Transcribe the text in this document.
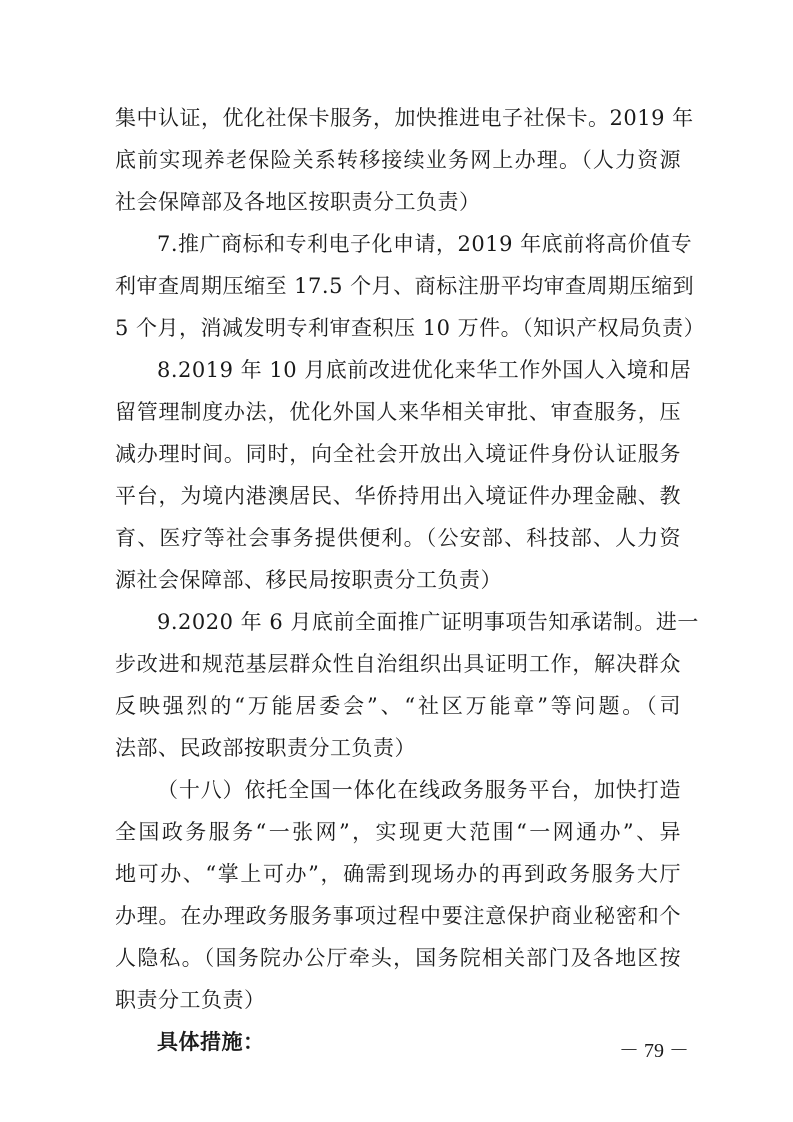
集中认证，优化社保卡服务，加快推进电子社保卡。2019 年
底前实现养老保险关系转移接续业务网上办理。（人力资源
社会保障部及各地区按职责分工负责）
7.推广商标和专利电子化申请，2019 年底前将高价值专
利审查周期压缩至 17.5 个月、商标注册平均审查周期压缩到
5 个月，消减发明专利审查积压 10 万件。（知识产权局负责）
8.2019 年 10 月底前改进优化来华工作外国人入境和居
留管理制度办法，优化外国人来华相关审批、审查服务，压
减办理时间。同时，向全社会开放出入境证件身份认证服务
平台，为境内港澳居民、华侨持用出入境证件办理金融、教
育、医疗等社会事务提供便利。（公安部、科技部、人力资
源社会保障部、移民局按职责分工负责）
9.2020 年 6 月底前全面推广证明事项告知承诺制。进一
步改进和规范基层群众性自治组织出具证明工作，解决群众
反映强烈的“万能居委会”、“社区万能章”等问题。（司
法部、民政部按职责分工负责）
（十八）依托全国一体化在线政务服务平台，加快打造
全国政务服务“一张网”，实现更大范围“一网通办”、异
地可办、“掌上可办”，确需到现场办的再到政务服务大厅
办理。在办理政务服务事项过程中要注意保护商业秘密和个
人隐私。（国务院办公厅牵头，国务院相关部门及各地区按
职责分工负责）
具体措施：	－ 79 －
